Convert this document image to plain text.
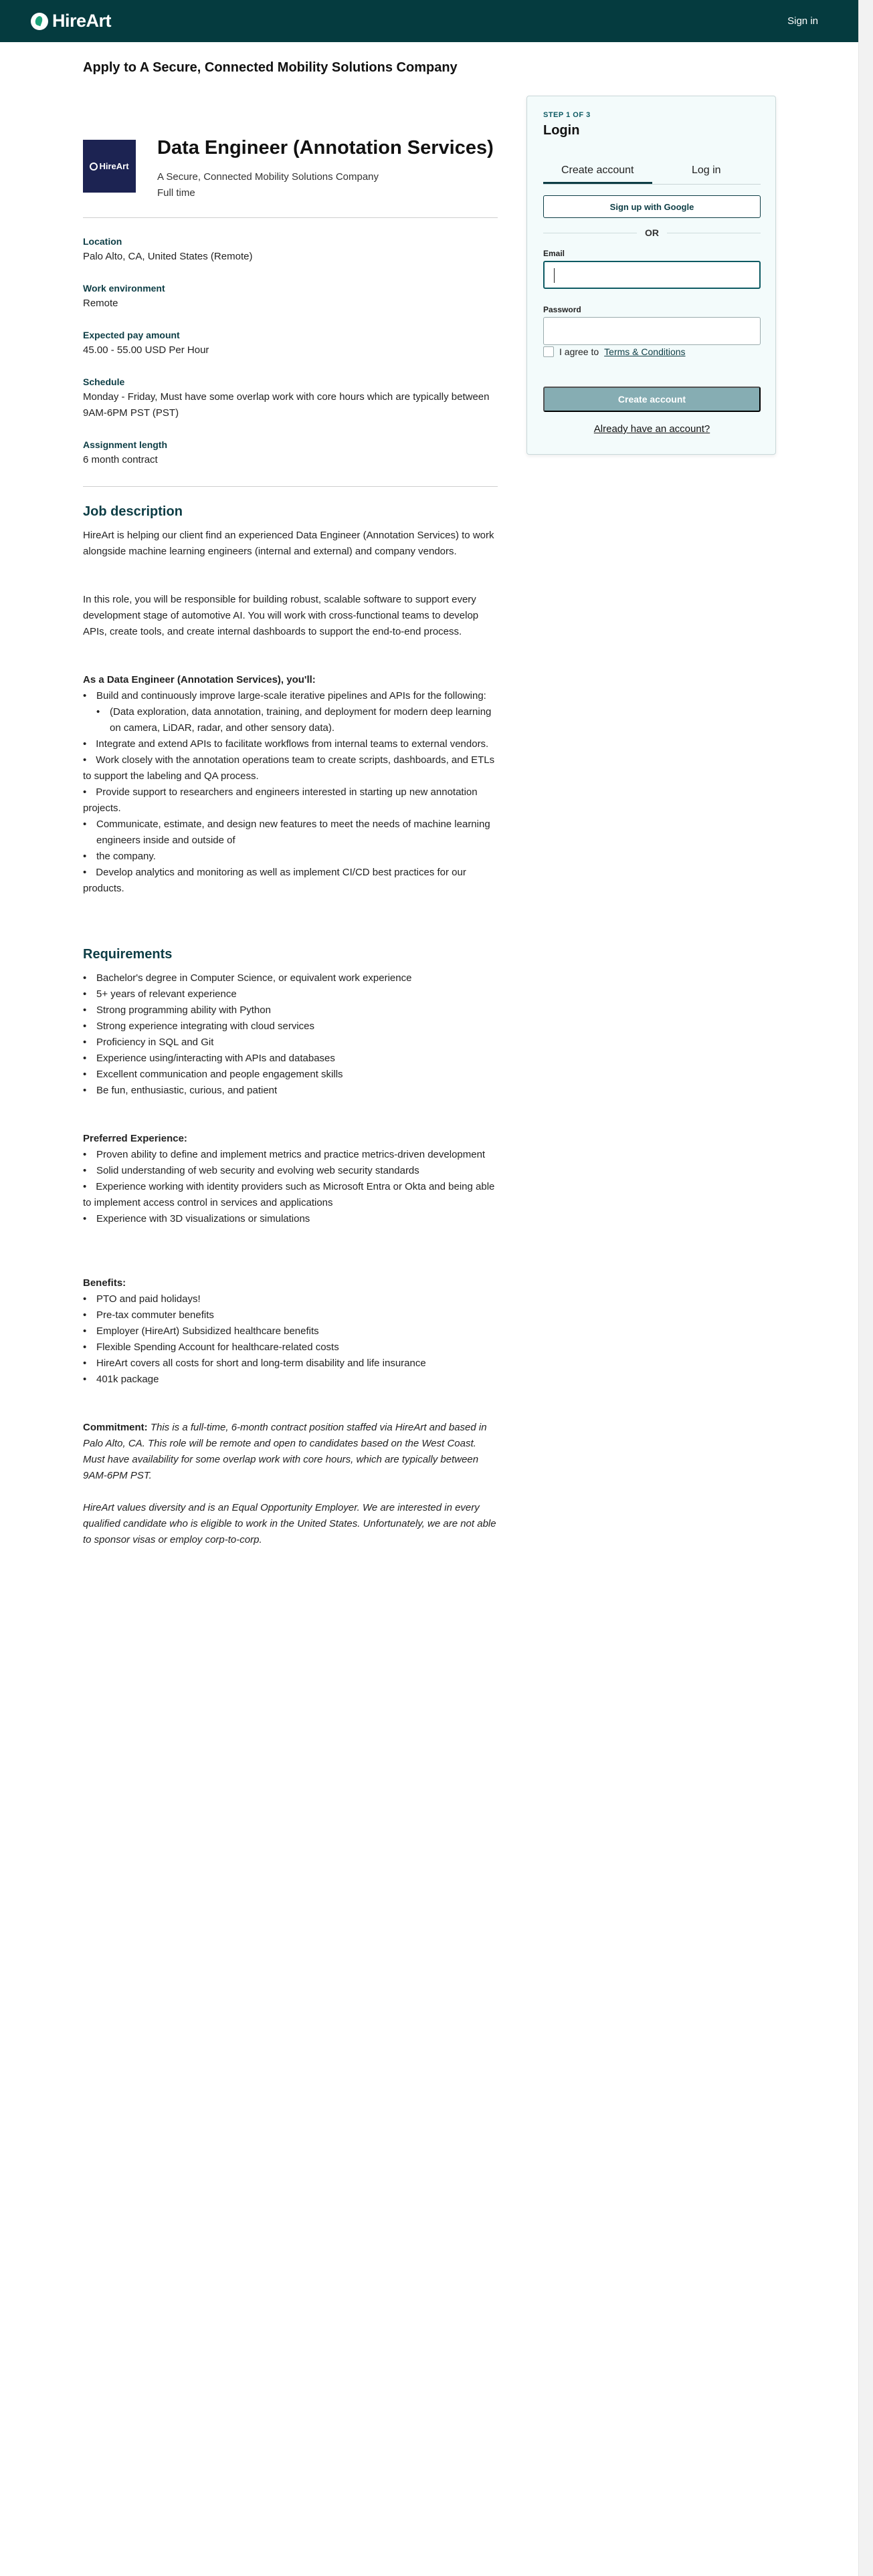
HireArt	Sign in
Apply to A Secure, Connected Mobility Solutions Company
HireArt
Data Engineer (Annotation Services)
A Secure, Connected Mobility Solutions Company
Full time
Location
Palo Alto, CA, United States (Remote)
Work environment
Remote
Expected pay amount
45.00 - 55.00 USD Per Hour
Schedule
Monday - Friday, Must have some overlap work with core hours which are typically between 9AM-6PM PST (PST)
Assignment length
6 month contract
Job description

HireArt is helping our client find an experienced Data Engineer (Annotation Services) to work alongside machine learning engineers (internal and external) and company vendors.

In this role, you will be responsible for building robust, scalable software to support every development stage of automotive AI. You will work with cross-functional teams to develop APIs, create tools, and create internal dashboards to support the end-to-end process.

As a Data Engineer (Annotation Services), you'll:

• Build and continuously improve large-scale iterative pipelines and APIs for the following:
• (Data exploration, data annotation, training, and deployment for modern deep learning on camera, LiDAR, radar, and other sensory data).
• Integrate and extend APIs to facilitate workflows from internal teams to external vendors.
• Work closely with the annotation operations team to create scripts, dashboards, and ETLs to support the labeling and QA process.
• Provide support to researchers and engineers interested in starting up new annotation projects.
• Communicate, estimate, and design new features to meet the needs of machine learning engineers inside and outside of
• the company.
• Develop analytics and monitoring as well as implement CI/CD best practices for our products.
Requirements
• Bachelor's degree in Computer Science, or equivalent work experience
• 5+ years of relevant experience
• Strong programming ability with Python
• Strong experience integrating with cloud services
• Proficiency in SQL and Git
• Experience using/interacting with APIs and databases
• Excellent communication and people engagement skills
• Be fun, enthusiastic, curious, and patient

Preferred Experience:

• Proven ability to define and implement metrics and practice metrics-driven development
• Solid understanding of web security and evolving web security standards
• Experience working with identity providers such as Microsoft Entra or Okta and being able to implement access control in services and applications
• Experience with 3D visualizations or simulations

Benefits:

• PTO and paid holidays!
• Pre-tax commuter benefits
• Employer (HireArt) Subsidized healthcare benefits
• Flexible Spending Account for healthcare-related costs
• HireArt covers all costs for short and long-term disability and life insurance
• 401k package

Commitment: This is a full-time, 6-month contract position staffed via HireArt and based in Palo Alto, CA. This role will be remote and open to candidates based on the West Coast. Must have availability for some overlap work with core hours, which are typically between 9AM-6PM PST.

HireArt values diversity and is an Equal Opportunity Employer. We are interested in every qualified candidate who is eligible to work in the United States. Unfortunately, we are not able to sponsor visas or employ corp-to-corp.

STEP 1 OF 3
Login
Create account	Log in
Sign up with Google
OR
Email
Password
I agree to Terms & Conditions
Create account
Already have an account?
